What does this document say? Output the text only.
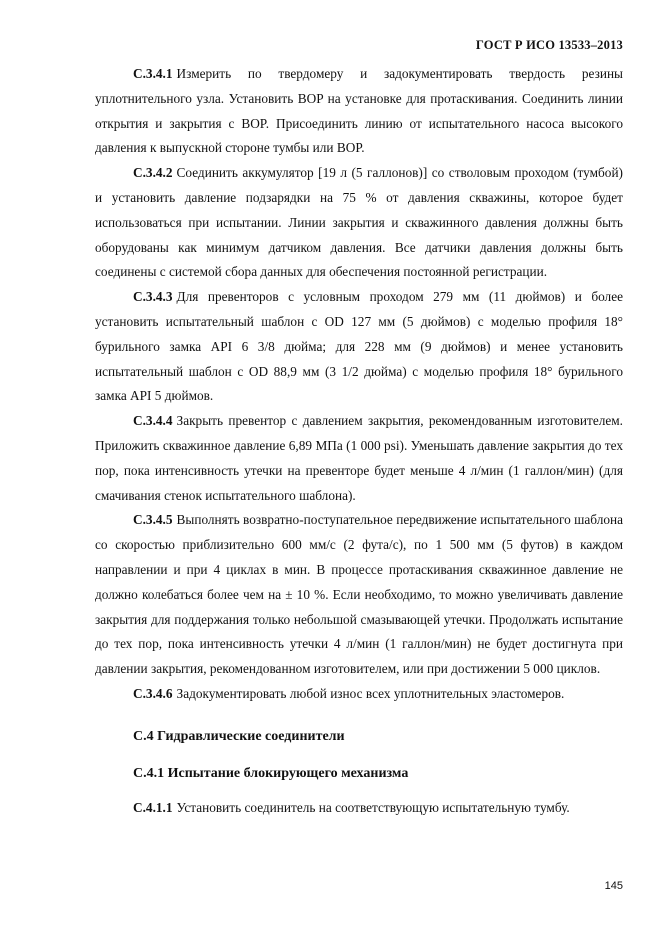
ГОСТ Р ИСО 13533–2013

С.3.4.1 Измерить по твердомеру и задокументировать твердость резины уплотнительного узла. Установить BOP на установке для протаскивания. Соединить линии открытия и закрытия с BOP. Присоединить линию от испытательного насоса высокого давления к выпускной стороне тумбы или BOP.

С.3.4.2 Соединить аккумулятор [19 л (5 галлонов)] со стволовым проходом (тумбой) и установить давление подзарядки на 75 % от давления скважины, которое будет использоваться при испытании. Линии закрытия и скважинного давления должны быть оборудованы как минимум датчиком давления. Все датчики давления должны быть соединены с системой сбора данных для обеспечения постоянной регистрации.

С.3.4.3 Для превенторов с условным проходом 279 мм (11 дюймов) и более установить испытательный шаблон с OD 127 мм (5 дюймов) с моделью профиля 18° бурильного замка API 6 3/8 дюйма; для 228 мм (9 дюймов) и менее установить испытательный шаблон с OD 88,9 мм (3 1/2 дюйма) с моделью профиля 18° бурильного замка API 5 дюймов.

С.3.4.4 Закрыть превентор с давлением закрытия, рекомендованным изготовителем. Приложить скважинное давление 6,89 МПа (1 000 psi). Уменьшать давление закрытия до тех пор, пока интенсивность утечки на превенторе будет меньше 4 л/мин (1 галлон/мин) (для смачивания стенок испытательного шаблона).

С.3.4.5 Выполнять возвратно-поступательное передвижение испытательного шаблона со скоростью приблизительно 600 мм/с (2 фута/с), по 1 500 мм (5 футов) в каждом направлении и при 4 циклах в мин. В процессе протаскивания скважинное давление не должно колебаться более чем на ± 10 %. Если необходимо, то можно увеличивать давление закрытия для поддержания только небольшой смазывающей утечки. Продолжать испытание до тех пор, пока интенсивность утечки 4 л/мин (1 галлон/мин) не будет достигнута при давлении закрытия, рекомендованном изготовителем, или при достижении 5 000 циклов.

С.3.4.6 Задокументировать любой износ всех уплотнительных эластомеров.

С.4 Гидравлические соединители
С.4.1 Испытание блокирующего механизма

С.4.1.1 Установить соединитель на соответствующую испытательную тумбу.

145
